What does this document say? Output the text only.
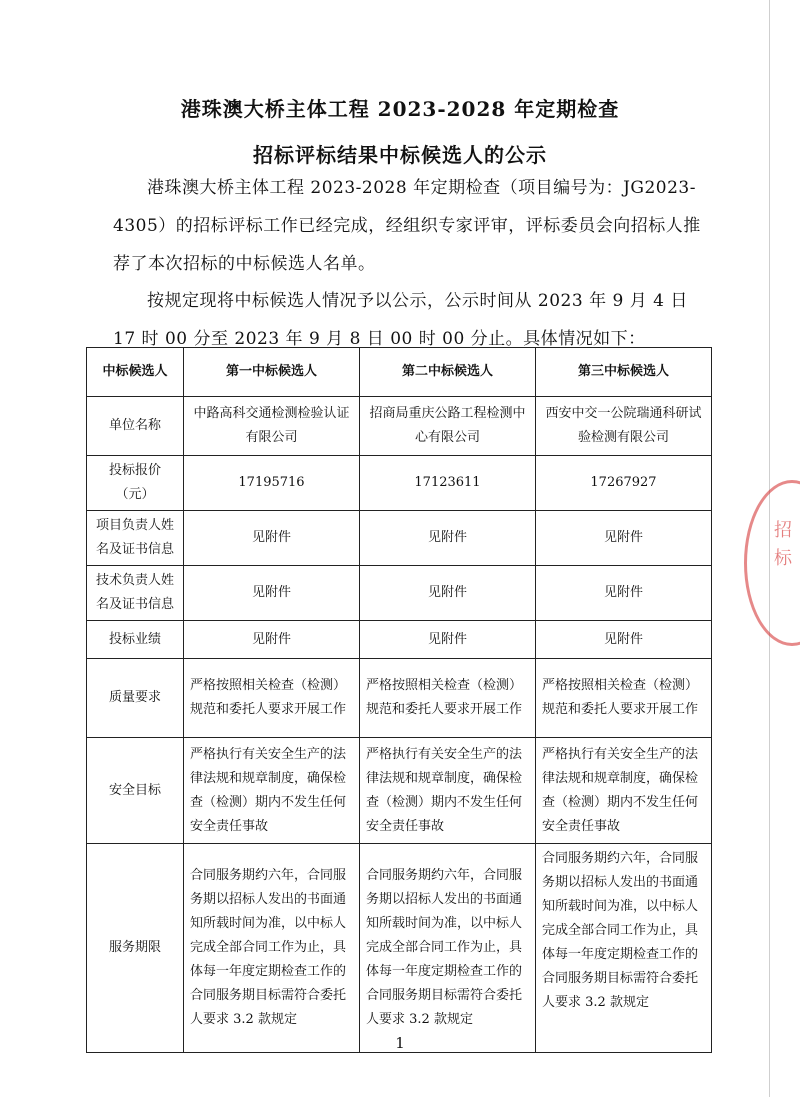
招标
港珠澳大桥主体工程 2023-2028 年定期检查
招标评标结果中标候选人的公示
港珠澳大桥主体工程 2023-2028 年定期检查（项目编号为：JG2023-4305）的招标评标工作已经完成，经组织专家评审，评标委员会向招标人推荐了本次招标的中标候选人名单。
按规定现将中标候选人情况予以公示，公示时间从 2023 年 9 月 4 日 17 时 00 分至 2023 年 9 月 8 日 00 时 00 分止。具体情况如下：
中标候选人	第一中标候选人	第二中标候选人	第三中标候选人
单位名称	中路高科交通检测检验认证有限公司	招商局重庆公路工程检测中心有限公司	西安中交一公院瑞通科研试验检测有限公司
投标报价（元）	17195716	17123611	17267927
项目负责人姓名及证书信息	见附件	见附件	见附件
技术负责人姓名及证书信息	见附件	见附件	见附件
投标业绩	见附件	见附件	见附件
质量要求	严格按照相关检查（检测）规范和委托人要求开展工作	严格按照相关检查（检测）规范和委托人要求开展工作	严格按照相关检查（检测）规范和委托人要求开展工作
安全目标	严格执行有关安全生产的法律法规和规章制度，确保检查（检测）期内不发生任何安全责任事故	严格执行有关安全生产的法律法规和规章制度，确保检查（检测）期内不发生任何安全责任事故	严格执行有关安全生产的法律法规和规章制度，确保检查（检测）期内不发生任何安全责任事故
服务期限	合同服务期约六年，合同服务期以招标人发出的书面通知所载时间为准，以中标人完成全部合同工作为止，具体每一年度定期检查工作的合同服务期目标需符合委托人要求 3.2 款规定	合同服务期约六年，合同服务期以招标人发出的书面通知所载时间为准，以中标人完成全部合同工作为止，具体每一年度定期检查工作的合同服务期目标需符合委托人要求 3.2 款规定	合同服务期约六年，合同服务期以招标人发出的书面通知所载时间为准，以中标人完成全部合同工作为止，具体每一年度定期检查工作的合同服务期目标需符合委托人要求 3.2 款规定
1
